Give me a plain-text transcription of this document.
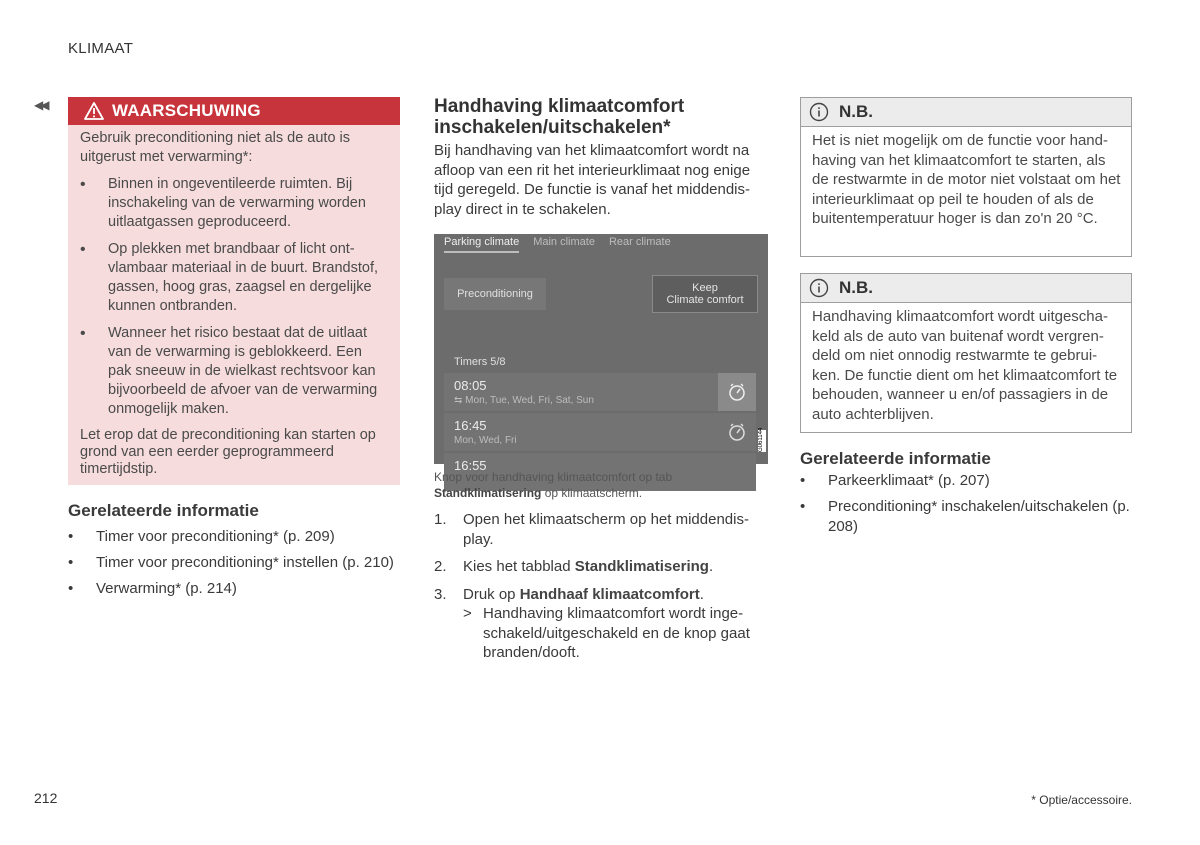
KLIMAAT
◀◀	WAARSCHUWING

Gebruik preconditioning niet als de auto is uitgerust met verwarming*:

• Binnen in ongeventileerde ruimten. Bij inschakeling van de verwarming worden uitlaatgassen geproduceerd.
• Op plekken met brandbaar of licht ont-vlambaar materiaal in de buurt. Brandstof, gassen, hoog gras, zaagsel en dergelijke kunnen ontbranden.
• Wanneer het risico bestaat dat de uitlaat van de verwarming is geblokkeerd. Een pak sneeuw in de wielkast rechtsvoor kan bijvoorbeeld de afvoer van de verwarming onmogelijk maken.

Let erop dat de preconditioning kan starten op grond van een eerder geprogrammeerd timertijdstip.

Gerelateerde informatie
• Timer voor preconditioning* (p. 209)
• Timer voor preconditioning* instellen (p. 210)
• Verwarming* (p. 214)
Handhaving klimaatcomfort inschakelen/uitschakelen*
Bij handhaving van het klimaatcomfort wordt na afloop van een rit het interieurklimaat nog enige tijd geregeld. De functie is vanaf het middendis-play direct in te schakelen.
Parking climate Main climate Rear climate
Preconditioning	Keep
Climate comfort
Timers 5/8
08:05
⇆ Mon, Tue, Wed, Fri, Sat, Sun
16:45
Mon, Wed, Fri
16:55
G061144
Knop voor handhaving klimaatcomfort op tab Standklimatisering op klimaatscherm.
1. Open het klimaatscherm op het middendis-play.
2. Kies het tabblad Standklimatisering.
3. Druk op Handhaaf klimaatcomfort.
> Handhaving klimaatcomfort wordt inge-schakeld/uitgeschakeld en de knop gaat branden/dooft.
N.B.
Het is niet mogelijk om de functie voor hand-having van het klimaatcomfort te starten, als de restwarmte in de motor niet volstaat om het interieurklimaat op peil te houden of als de buitentemperatuur hoger is dan zo'n 20 °C.
N.B.
Handhaving klimaatcomfort wordt uitgescha-keld als de auto van buitenaf wordt vergren-deld om niet onnodig restwarmte te gebrui-ken. De functie dient om het klimaatcomfort te behouden, wanneer u en/of passagiers in de auto achterblijven.
Gerelateerde informatie
• Parkeerklimaat* (p. 207)
• Preconditioning* inschakelen/uitschakelen (p. 208)
212	* Optie/accessoire.
